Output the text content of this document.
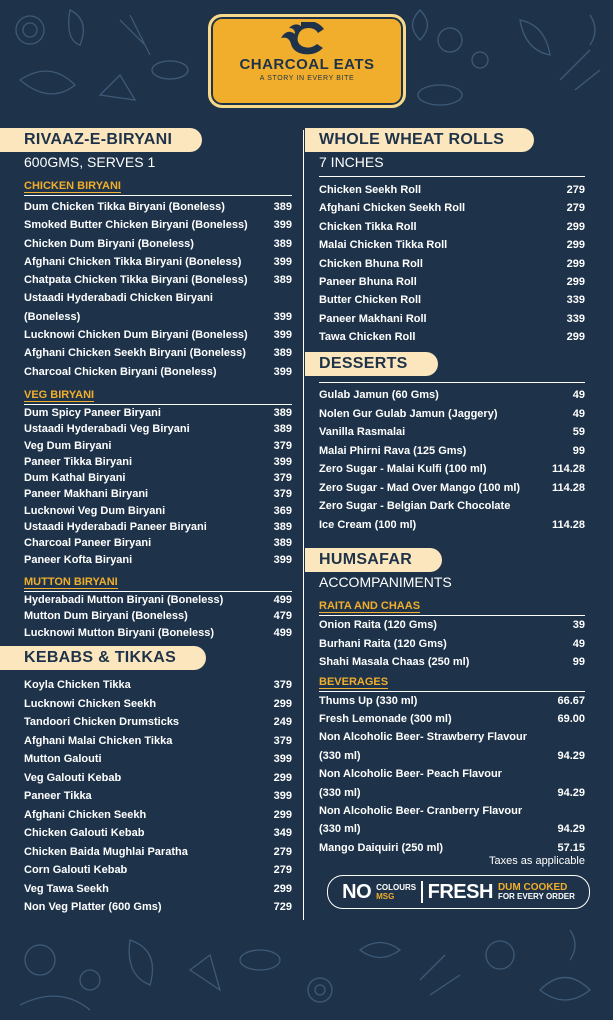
CHARCOAL EATS
A STORY IN EVERY BITE
RIVAAZ-E-BIRYANI
600GMS, SERVES 1
CHICKEN BIRYANI
Dum Chicken Tikka Biryani (Boneless)	389
Smoked Butter Chicken Biryani (Boneless) 399
Chicken Dum Biryani (Boneless)	389
Afghani Chicken Tikka Biryani (Boneless)	399
Chatpata Chicken Tikka Biryani (Boneless) 389
Ustaadi Hyderabadi Chicken Biryani
(Boneless)	399
Lucknowi Chicken Dum Biryani (Boneless) 399
Afghani Chicken Seekh Biryani (Boneless)	389
Charcoal Chicken Biryani (Boneless)	399
VEG BIRYANI
Dum Spicy Paneer Biryani	389
Ustaadi Hyderabadi Veg Biryani	389
Veg Dum Biryani	379
Paneer Tikka Biryani	399
Dum Kathal Biryani	379
Paneer Makhani Biryani	379
Lucknowi Veg Dum Biryani	369
Ustaadi Hyderabadi Paneer Biryani	389
Charcoal Paneer Biryani	389
Paneer Kofta Biryani	399
MUTTON BIRYANI
Hyderabadi Mutton Biryani (Boneless)	499
Mutton Dum Biryani (Boneless)	479
Lucknowi Mutton Biryani (Boneless)	499
KEBABS & TIKKAS
Koyla Chicken Tikka	379
Lucknowi Chicken Seekh	299
Tandoori Chicken Drumsticks	249
Afghani Malai Chicken Tikka	379
Mutton Galouti	399
Veg Galouti Kebab	299
Paneer Tikka	399
Afghani Chicken Seekh	299
Chicken Galouti Kebab	349
Chicken Baida Mughlai Paratha	279
Corn Galouti Kebab	279
Veg Tawa Seekh	299
Non Veg Platter (600 Gms)	729
WHOLE WHEAT ROLLS
7 INCHES
Chicken Seekh Roll	279
Afghani Chicken Seekh Roll	279
Chicken Tikka Roll	299
Malai Chicken Tikka Roll	299
Chicken Bhuna Roll	299
Paneer Bhuna Roll	299
Butter Chicken Roll	339
Paneer Makhani Roll	339
Tawa Chicken Roll	299
DESSERTS
Gulab Jamun (60 Gms)	49
Nolen Gur Gulab Jamun (Jaggery)	49
Vanilla Rasmalai	59
Malai Phirni Rava (125 Gms)	99
Zero Sugar - Malai Kulfi (100 ml)	114.28
Zero Sugar - Mad Over Mango (100 ml)	114.28
Zero Sugar - Belgian Dark Chocolate
Ice Cream (100 ml)	114.28
HUMSAFAR
ACCOMPANIMENTS
RAITA AND CHAAS
Onion Raita (120 Gms)	39
Burhani Raita (120 Gms)	49
Shahi Masala Chaas (250 ml)	99
BEVERAGES
Thums Up (330 ml)	66.67
Fresh Lemonade (300 ml)	69.00
Non Alcoholic Beer- Strawberry Flavour
(330 ml)	94.29
Non Alcoholic Beer- Peach Flavour
(330 ml)	94.29
Non Alcoholic Beer- Cranberry Flavour
(330 ml)	94.29
Mango Daiquiri (250 ml)	57.15
Taxes as applicable
NO COLOURS
MSG	FRESH DUM COOKED
FOR EVERY ORDER
